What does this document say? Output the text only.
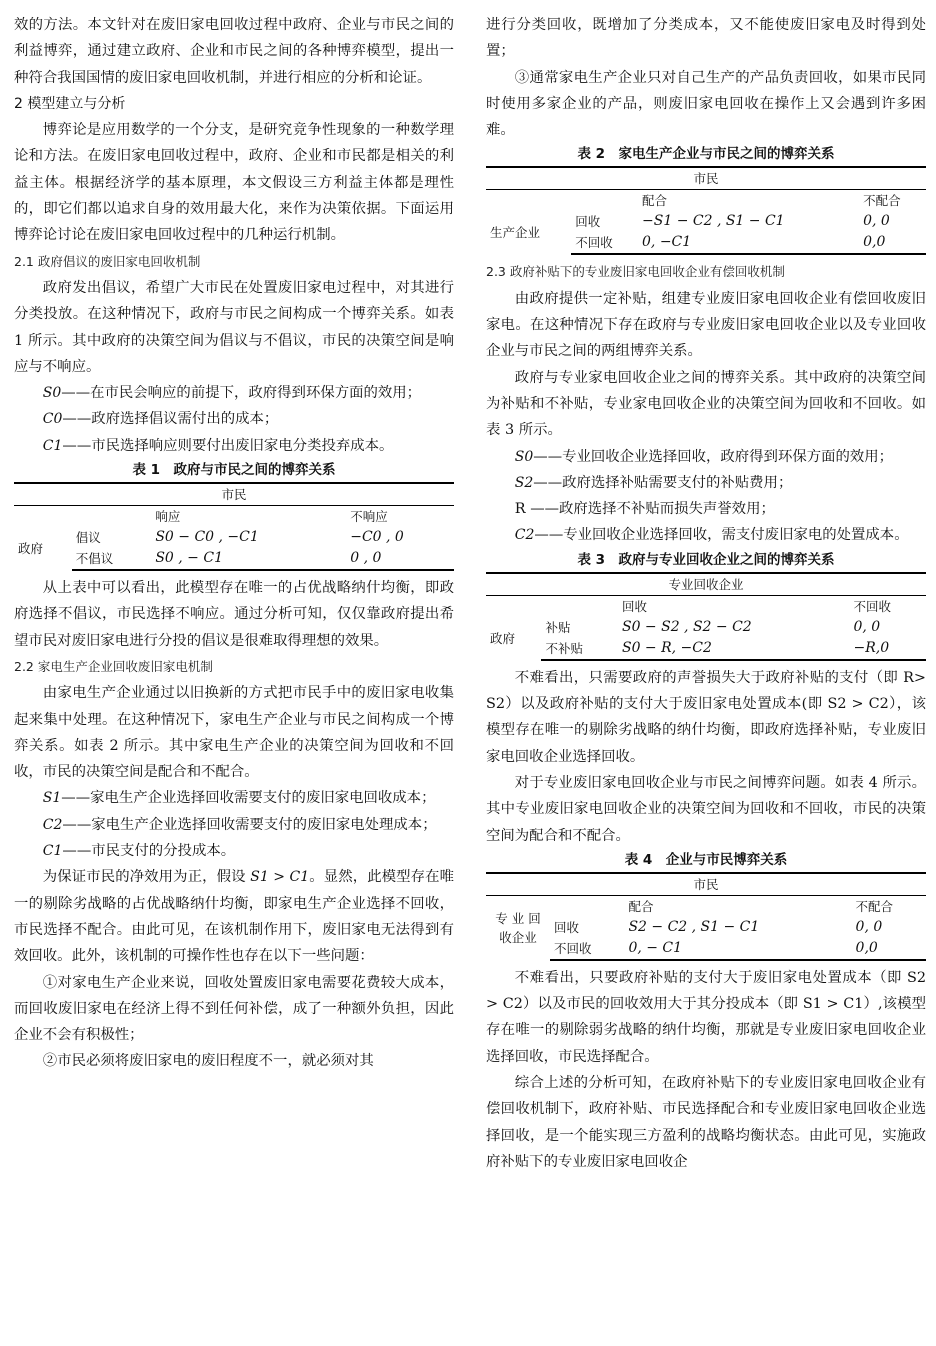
效的方法。本文针对在废旧家电回收过程中政府、企业与市民之间的利益博弈，通过建立政府、企业和市民之间的各种博弈模型，提出一种符合我国国情的废旧家电回收机制，并进行相应的分析和论证。

2 模型建立与分析

博弈论是应用数学的一个分支，是研究竞争性现象的一种数学理论和方法。在废旧家电回收过程中，政府、企业和市民都是相关的利益主体。根据经济学的基本原理，本文假设三方利益主体都是理性的，即它们都以追求自身的效用最大化，来作为决策依据。下面运用博弈论讨论在废旧家电回收过程中的几种运行机制。

2.1 政府倡议的废旧家电回收机制

政府发出倡议，希望广大市民在处置废旧家电过程中，对其进行分类投放。在这种情况下，政府与市民之间构成一个博弈关系。如表 1 所示。其中政府的决策空间为倡议与不倡议，市民的决策空间是响应与不响应。

S0——在市民会响应的前提下，政府得到环保方面的效用；

C0——政府选择倡议需付出的成本；

C1——市民选择响应则要付出废旧家电分类投弃成本。

表 1　政府与市民之间的博弈关系
市民			
		响应	不响应
政府	倡议	S0 − C0 , −C1	−C0 , 0
	不倡议	S0 , − C1	0 , 0

从上表中可以看出，此模型存在唯一的占优战略纳什均衡，即政府选择不倡议，市民选择不响应。通过分析可知，仅仅靠政府提出希望市民对废旧家电进行分投的倡议是很难取得理想的效果。

2.2 家电生产企业回收废旧家电机制

由家电生产企业通过以旧换新的方式把市民手中的废旧家电收集起来集中处理。在这种情况下，家电生产企业与市民之间构成一个博弈关系。如表 2 所示。其中家电生产企业的决策空间为回收和不回收，市民的决策空间是配合和不配合。

S1——家电生产企业选择回收需要支付的废旧家电回收成本；

C2——家电生产企业选择回收需要支付的废旧家电处理成本；

C1——市民支付的分投成本。

为保证市民的净效用为正，假设 S1 > C1。显然，此模型存在唯一的剔除劣战略的占优战略纳什均衡，即家电生产企业选择不回收，市民选择不配合。由此可见，在该机制作用下，废旧家电无法得到有效回收。此外，该机制的可操作性也存在以下一些问题：

①对家电生产企业来说，回收处置废旧家电需要花费较大成本，而回收废旧家电在经济上得不到任何补偿，成了一种额外负担，因此企业不会有积极性；

②市民必须将废旧家电的废旧程度不一，就必须对其

进行分类回收，既增加了分类成本，又不能使废旧家电及时得到处置；

③通常家电生产企业只对自己生产的产品负责回收，如果市民同时使用多家企业的产品，则废旧家电回收在操作上又会遇到许多困难。

表 2　家电生产企业与市民之间的博弈关系
市民			
		配合	不配合
生产企业	回收	−S1 − C2 , S1 − C1	0, 0
	不回收	0, −C1	0,0

2.3 政府补贴下的专业废旧家电回收企业有偿回收机制

由政府提供一定补贴，组建专业废旧家电回收企业有偿回收废旧家电。在这种情况下存在政府与专业废旧家电回收企业以及专业回收企业与市民之间的两组博弈关系。

政府与专业家电回收企业之间的博弈关系。其中政府的决策空间为补贴和不补贴，专业家电回收企业的决策空间为回收和不回收。如表 3 所示。

S0——专业回收企业选择回收，政府得到环保方面的效用；

S2——政府选择补贴需要支付的补贴费用；

R ——政府选择不补贴而损失声誉效用；

C2——专业回收企业选择回收，需支付废旧家电的处置成本。

表 3　政府与专业回收企业之间的博弈关系
专业回收企业			
		回收	不回收
政府	补贴	S0 − S2 , S2 − C2	0, 0
	不补贴	S0 − R, −C2	−R,0

不难看出，只需要政府的声誉损失大于政府补贴的支付（即 R> S2）以及政府补贴的支付大于废旧家电处置成本(即 S2 > C2），该模型存在唯一的剔除劣战略的纳什均衡，即政府选择补贴，专业废旧家电回收企业选择回收。

对于专业废旧家电回收企业与市民之间博弈问题。如表 4 所示。其中专业废旧家电回收企业的决策空间为回收和不回收，市民的决策空间为配合和不配合。

表 4　企业与市民博弈关系
市民			
专 业 回 收企业		配合	不配合
	回收	S2 − C2 , S1 − C1	0, 0
	不回收	0, − C1	0,0

不难看出，只要政府补贴的支付大于废旧家电处置成本（即 S2 > C2）以及市民的回收效用大于其分投成本（即 S1 > C1）,该模型存在唯一的剔除弱劣战略的纳什均衡，那就是专业废旧家电回收企业选择回收，市民选择配合。

综合上述的分析可知，在政府补贴下的专业废旧家电回收企业有偿回收机制下，政府补贴、市民选择配合和专业废旧家电回收企业选择回收，是一个能实现三方盈利的战略均衡状态。由此可见，实施政府补贴下的专业废旧家电回收企
